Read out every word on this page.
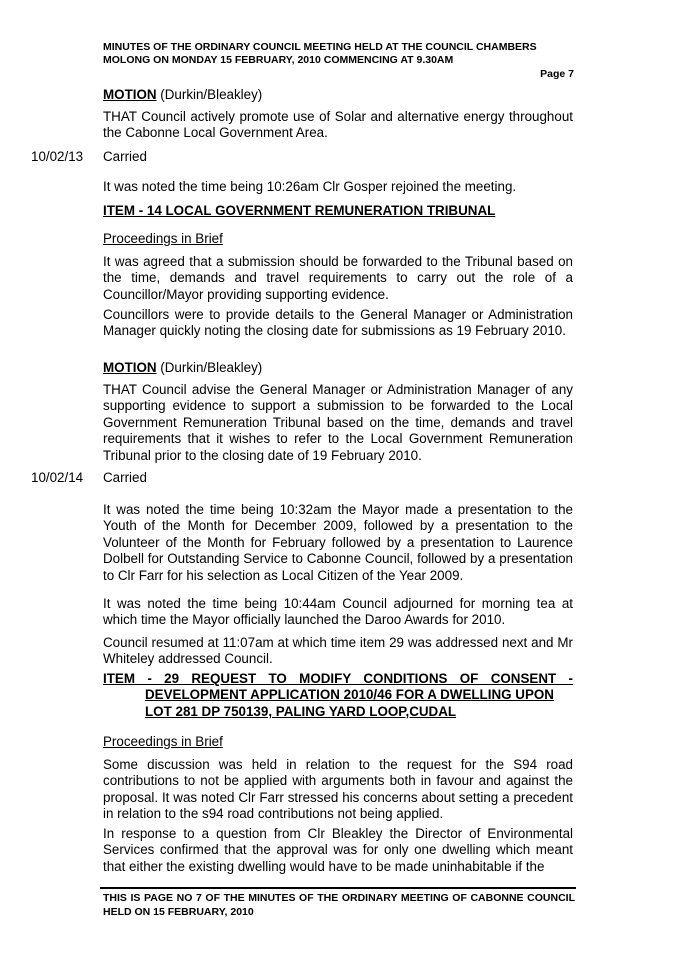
MINUTES OF THE ORDINARY COUNCIL MEETING HELD AT THE COUNCIL CHAMBERS
MOLONG ON MONDAY 15 FEBRUARY, 2010 COMMENCING AT 9.30AM
Page 7
MOTION (Durkin/Bleakley)
THAT Council actively promote use of Solar and alternative energy throughout the Cabonne Local Government Area.
10/02/13 Carried
It was noted the time being 10:26am Clr Gosper rejoined the meeting.
ITEM - 14 LOCAL GOVERNMENT REMUNERATION TRIBUNAL
Proceedings in Brief
It was agreed that a submission should be forwarded to the Tribunal based on the time, demands and travel requirements to carry out the role of a Councillor/Mayor providing supporting evidence.
Councillors were to provide details to the General Manager or Administration Manager quickly noting the closing date for submissions as 19 February 2010.
MOTION (Durkin/Bleakley)
THAT Council advise the General Manager or Administration Manager of any supporting evidence to support a submission to be forwarded to the Local Government Remuneration Tribunal based on the time, demands and travel requirements that it wishes to refer to the Local Government Remuneration Tribunal prior to the closing date of 19 February 2010.
10/02/14 Carried
It was noted the time being 10:32am the Mayor made a presentation to the Youth of the Month for December 2009, followed by a presentation to the Volunteer of the Month for February followed by a presentation to Laurence Dolbell for Outstanding Service to Cabonne Council, followed by a presentation to Clr Farr for his selection as Local Citizen of the Year 2009.
It was noted the time being 10:44am Council adjourned for morning tea at which time the Mayor officially launched the Daroo Awards for 2010.
Council resumed at 11:07am at which time item 29 was addressed next and Mr Whiteley addressed Council.
ITEM - 29 REQUEST TO MODIFY CONDITIONS OF CONSENT -
DEVELOPMENT APPLICATION 2010/46 FOR A DWELLING UPON
LOT 281 DP 750139, PALING YARD LOOP,CUDAL
Proceedings in Brief
Some discussion was held in relation to the request for the S94 road contributions to not be applied with arguments both in favour and against the proposal. It was noted Clr Farr stressed his concerns about setting a precedent in relation to the s94 road contributions not being applied.
In response to a question from Clr Bleakley the Director of Environmental Services confirmed that the approval was for only one dwelling which meant that either the existing dwelling would have to be made uninhabitable if the
THIS IS PAGE NO 7 OF THE MINUTES OF THE ORDINARY MEETING OF CABONNE COUNCIL HELD ON 15 FEBRUARY, 2010
